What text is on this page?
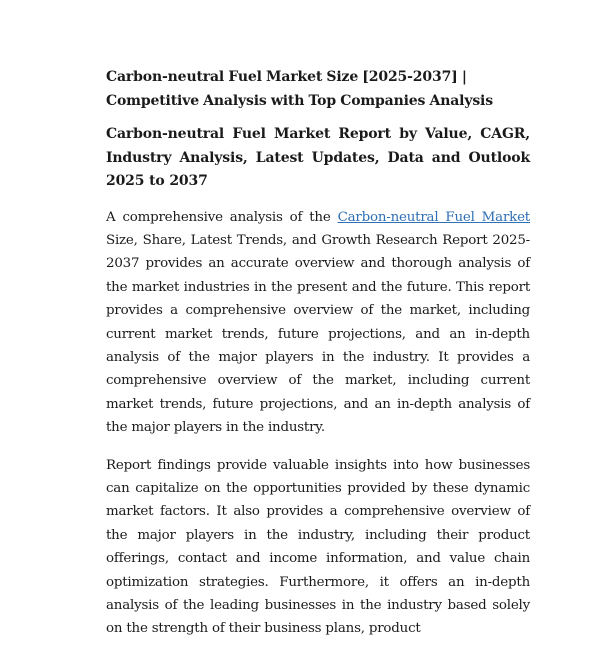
Carbon-neutral Fuel Market Size [2025-2037] | Competitive Analysis with Top Companies Analysis
Carbon-neutral Fuel Market Report by Value, CAGR, Industry Analysis, Latest Updates, Data and Outlook 2025 to 2037

A comprehensive analysis of the Carbon-neutral Fuel Market Size, Share, Latest Trends, and Growth Research Report 2025-2037 provides an accurate overview and thorough analysis of the market industries in the present and the future. This report provides a comprehensive overview of the market, including current market trends, future projections, and an in-depth analysis of the major players in the industry. It provides a comprehensive overview of the market, including current market trends, future projections, and an in-depth analysis of the major players in the industry.

Report findings provide valuable insights into how businesses can capitalize on the opportunities provided by these dynamic market factors. It also provides a comprehensive overview of the major players in the industry, including their product offerings, contact and income information, and value chain optimization strategies. Furthermore, it offers an in-depth analysis of the leading businesses in the industry based solely on the strength of their business plans, product
